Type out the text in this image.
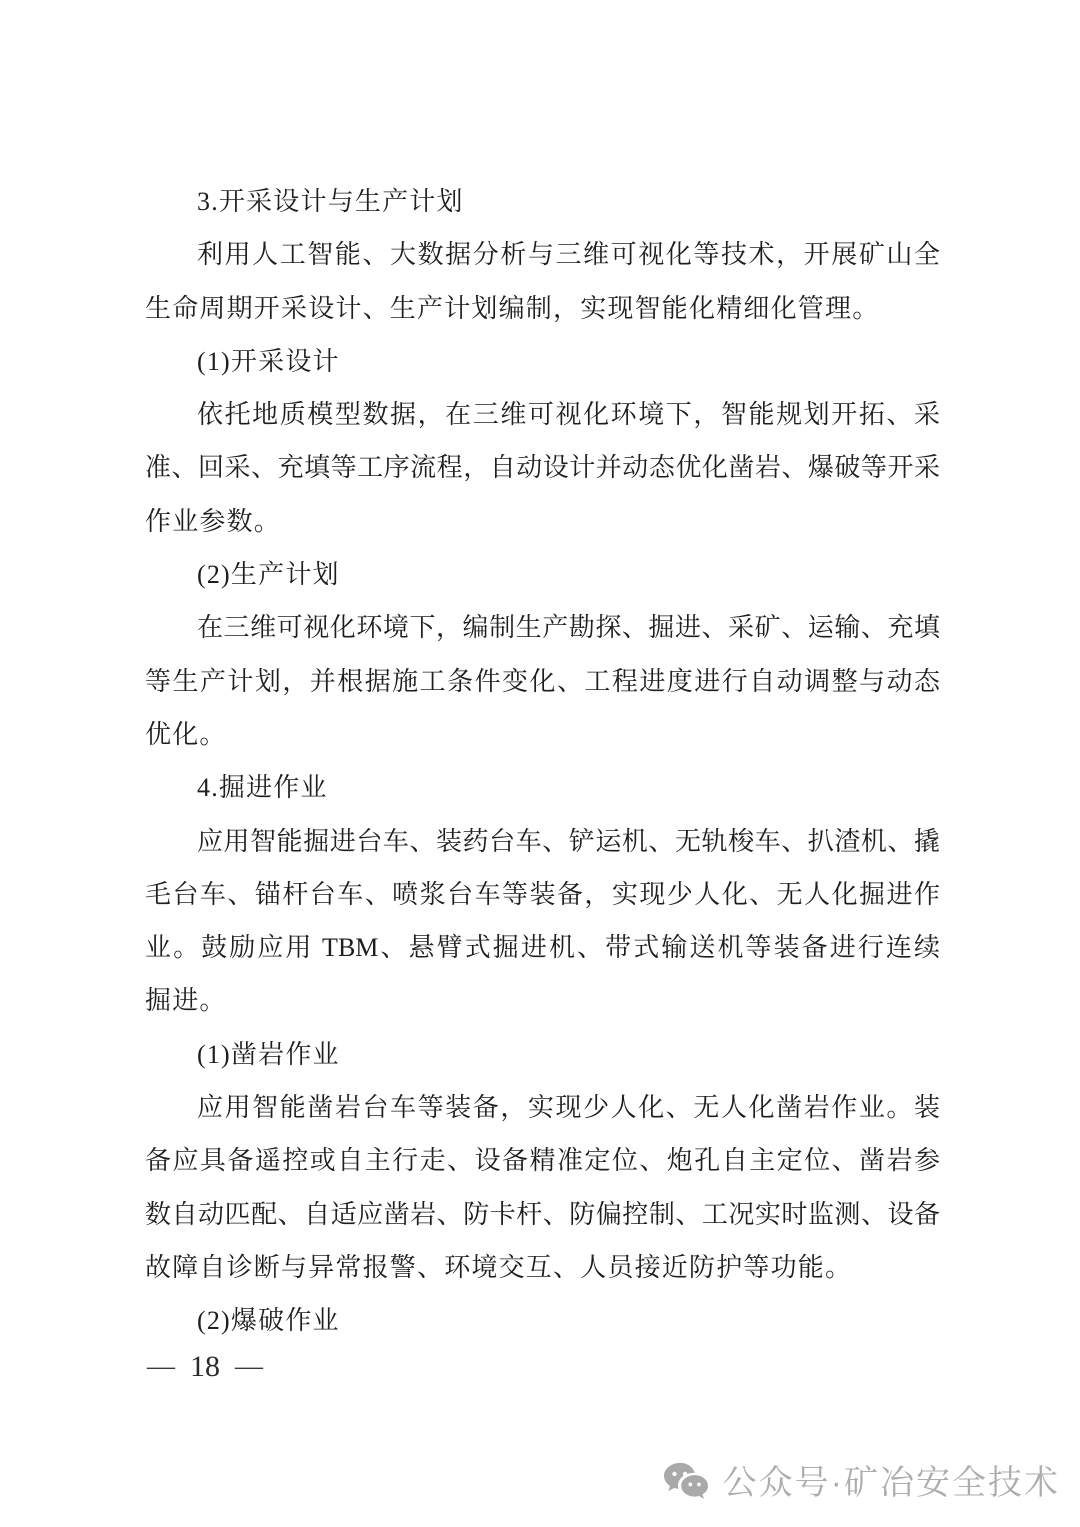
3.开采设计与生产计划

利用人工智能、大数据分析与三维可视化等技术，开展矿山全

生命周期开采设计、生产计划编制，实现智能化精细化管理。

(1)开采设计

依托地质模型数据，在三维可视化环境下，智能规划开拓、采

准、回采、充填等工序流程，自动设计并动态优化凿岩、爆破等开采

作业参数。

(2)生产计划

在三维可视化环境下，编制生产勘探、掘进、采矿、运输、充填

等生产计划，并根据施工条件变化、工程进度进行自动调整与动态

优化。

4.掘进作业

应用智能掘进台车、装药台车、铲运机、无轨梭车、扒渣机、撬

毛台车、锚杆台车、喷浆台车等装备，实现少人化、无人化掘进作

业。鼓励应用 TBM、悬臂式掘进机、带式输送机等装备进行连续

掘进。

(1)凿岩作业

应用智能凿岩台车等装备，实现少人化、无人化凿岩作业。装

备应具备遥控或自主行走、设备精准定位、炮孔自主定位、凿岩参

数自动匹配、自适应凿岩、防卡杆、防偏控制、工况实时监测、设备

故障自诊断与异常报警、环境交互、人员接近防护等功能。

(2)爆破作业

— 18 —
公众号·矿冶安全技术
